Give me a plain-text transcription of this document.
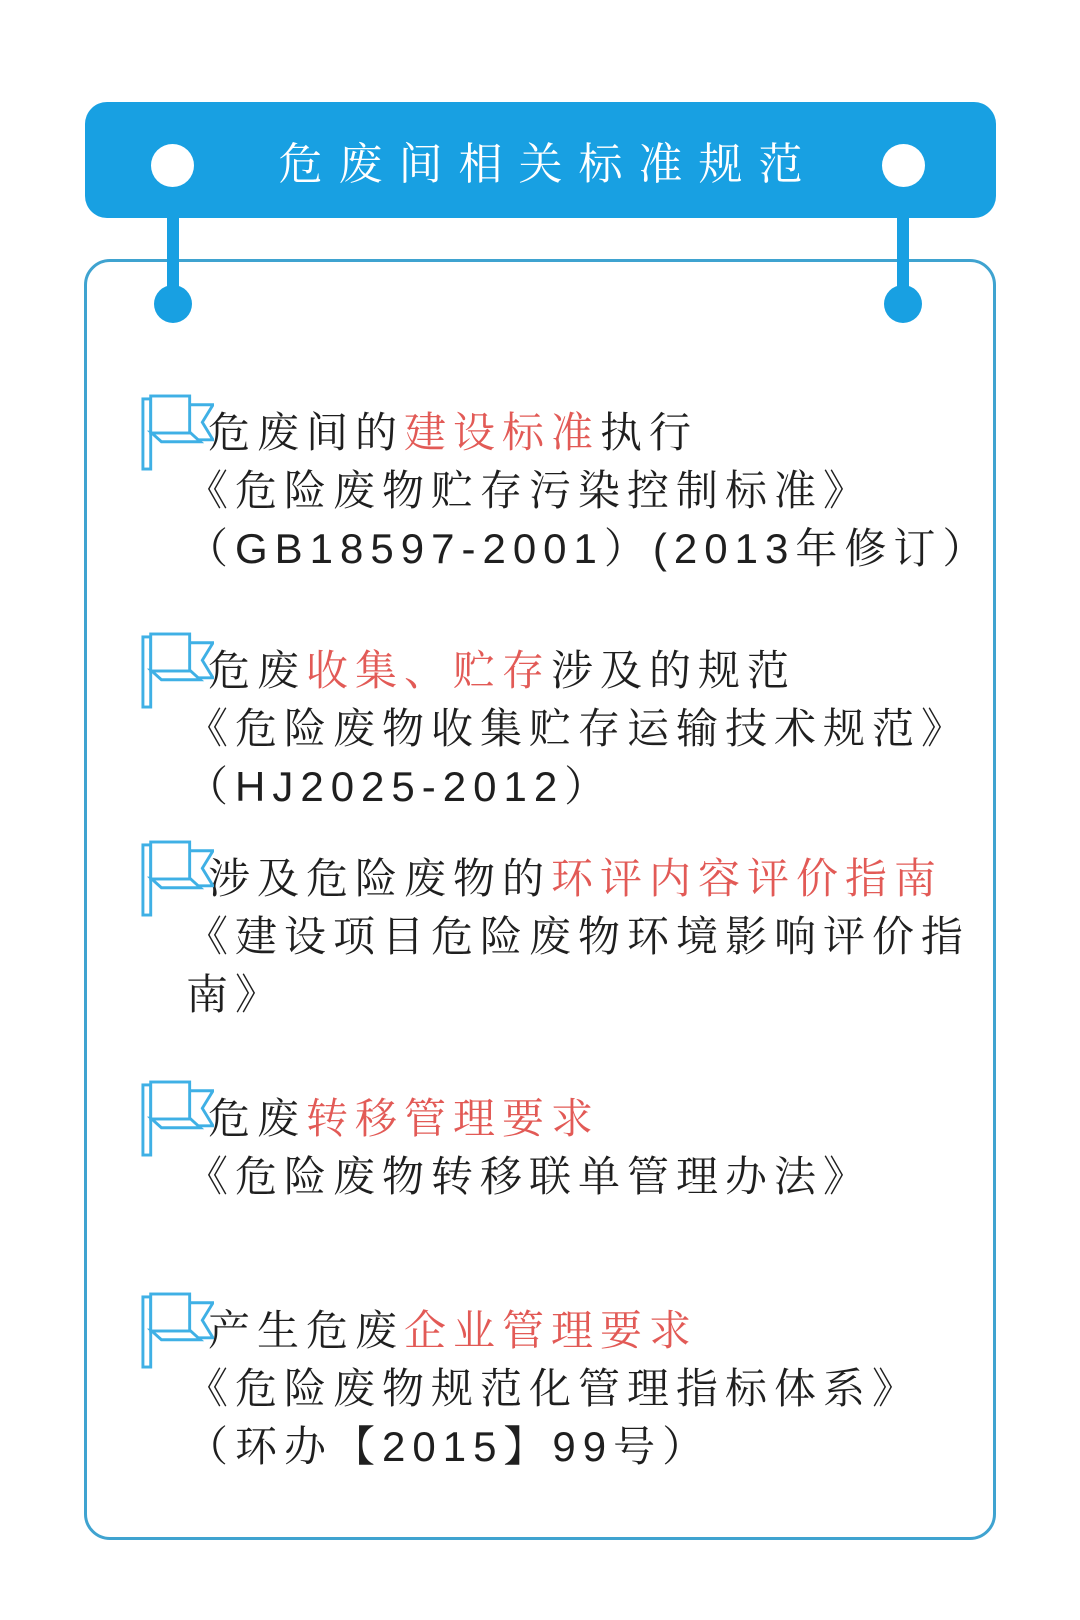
危废间相关标准规范
危废间的建设标准执行
《危险废物贮存污染控制标准》
（GB18597-2001）(2013年修订）
危废收集、贮存涉及的规范
《危险废物收集贮存运输技术规范》
（HJ2025-2012）
涉及危险废物的环评内容评价指南
《建设项目危险废物环境影响评价指
南》
危废转移管理要求
《危险废物转移联单管理办法》
产生危废企业管理要求
《危险废物规范化管理指标体系》
（环办【2015】99号）
